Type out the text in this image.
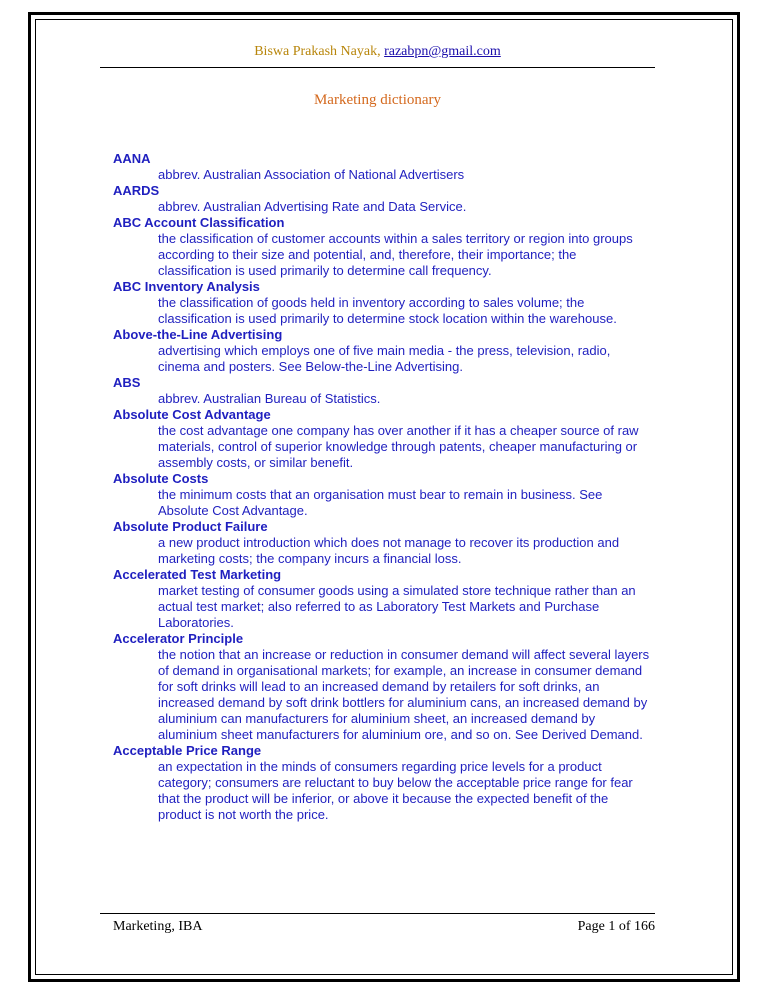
Biswa Prakash Nayak, razabpn@gmail.com
Marketing dictionary
AANA
abbrev. Australian Association of National Advertisers
AARDS
abbrev. Australian Advertising Rate and Data Service.
ABC Account Classification
the classification of customer accounts within a sales territory or region into groups according to their size and potential, and, therefore, their importance; the classification is used primarily to determine call frequency.
ABC Inventory Analysis
the classification of goods held in inventory according to sales volume; the classification is used primarily to determine stock location within the warehouse.
Above-the-Line Advertising
advertising which employs one of five main media - the press, television, radio, cinema and posters. See Below-the-Line Advertising.
ABS
abbrev. Australian Bureau of Statistics.
Absolute Cost Advantage
the cost advantage one company has over another if it has a cheaper source of raw materials, control of superior knowledge through patents, cheaper manufacturing or assembly costs, or similar benefit.
Absolute Costs
the minimum costs that an organisation must bear to remain in business. See Absolute Cost Advantage.
Absolute Product Failure
a new product introduction which does not manage to recover its production and marketing costs; the company incurs a financial loss.
Accelerated Test Marketing
market testing of consumer goods using a simulated store technique rather than an actual test market; also referred to as Laboratory Test Markets and Purchase Laboratories.
Accelerator Principle
the notion that an increase or reduction in consumer demand will affect several layers of demand in organisational markets; for example, an increase in consumer demand for soft drinks will lead to an increased demand by retailers for soft drinks, an increased demand by soft drink bottlers for aluminium cans, an increased demand by aluminium can manufacturers for aluminium sheet, an increased demand by aluminium sheet manufacturers for aluminium ore, and so on. See Derived Demand.
Acceptable Price Range
an expectation in the minds of consumers regarding price levels for a product category; consumers are reluctant to buy below the acceptable price range for fear that the product will be inferior, or above it because the expected benefit of the product is not worth the price.
Marketing, IBA	Page 1 of 166
